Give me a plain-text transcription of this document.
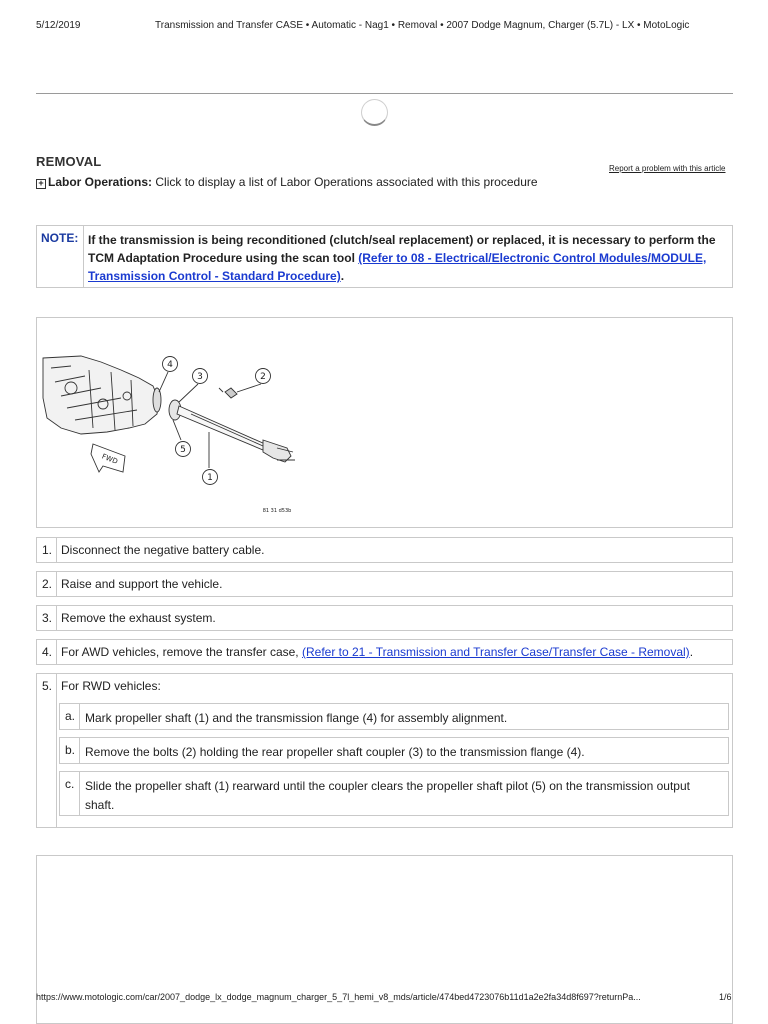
5/12/2019	Transmission and Transfer CASE • Automatic - Nag1 • Removal • 2007 Dodge Magnum, Charger (5.7L) - LX • MotoLogic
REMOVAL	Report a problem with this article
+ Labor Operations: Click to display a list of Labor Operations associated with this procedure
NOTE: If the transmission is being reconditioned (clutch/seal replacement) or replaced, it is necessary to perform the TCM Adaptation Procedure using the scan tool (Refer to 08 - Electrical/Electronic Control Modules/MODULE, Transmission Control - Standard Procedure).
4
3	2
5
1
FWD
81 31 d53b
1. Disconnect the negative battery cable.
2. Raise and support the vehicle.
3. Remove the exhaust system.
4. For AWD vehicles, remove the transfer case, (Refer to 21 - Transmission and Transfer Case/Transfer Case - Removal).
5. For RWD vehicles:
a. Mark propeller shaft (1) and the transmission flange (4) for assembly alignment.
b. Remove the bolts (2) holding the rear propeller shaft coupler (3) to the transmission flange (4).
c. Slide the propeller shaft (1) rearward until the coupler clears the propeller shaft pilot (5) on the transmission output shaft.
https://www.motologic.com/car/2007_dodge_lx_dodge_magnum_charger_5_7l_hemi_v8_mds/article/474bed4723076b11d1a2e2fa34d8f697?returnPa...	1/6
